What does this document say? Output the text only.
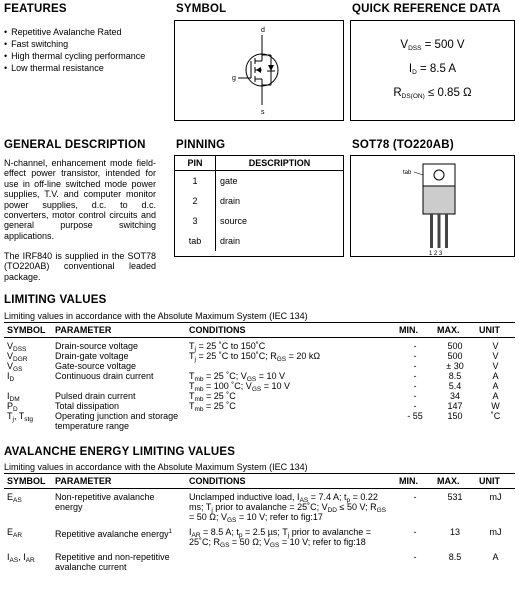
FEATURES
• Repetitive Avalanche Rated
• Fast switching
• High thermal cycling performance
• Low thermal resistance
SYMBOL
d
g
s
QUICK REFERENCE DATA
$V_{DSS} = 500$ V
$I_D = 8.5$ A
$R_{DS(ON)} \le 0.85$ Ω
GENERAL DESCRIPTION
N-channel, enhancement mode field-effect power transistor, intended for use in off-line switched mode power supplies, T.V. and computer monitor power supplies, d.c. to d.c. converters, motor control circuits and general purpose switching applications.
The IRF840 is supplied in the SOT78 (TO220AB) conventional leaded package.
PINNING
PIN	DESCRIPTION
1	gate
2	drain
3	source
tab	drain
SOT78 (TO220AB)
tab
1 2 3
LIMITING VALUES
Limiting values in accordance with the Absolute Maximum System (IEC 134)
SYMBOL	PARAMETER	CONDITIONS	MIN.	MAX.	UNIT
$V_{DSS}$	Drain-source voltage	$T_j = 25$ ˚C to 150˚C	-	500	V
$V_{DGR}$	Drain-gate voltage	$T_j = 25$ ˚C to 150˚C; $R_{GS} = 20$ kΩ	-	500	V
$V_{GS}$	Gate-source voltage		-	± 30	V
$I_D$	Continuous drain current	$T_{mb} = 25$ ˚C; $V_{GS} = 10$ V	-	8.5	A
		$T_{mb} = 100$ ˚C; $V_{GS} = 10$ V	-	5.4	A
$I_{DM}$	Pulsed drain current	$T_{mb} = 25$ ˚C	-	34	A
$P_D$	Total dissipation	$T_{mb} = 25$ ˚C	-	147	W
$T_j$, $T_{stg}$	Operating junction and storage temperature range		- 55	150	˚C
AVALANCHE ENERGY LIMITING VALUES
Limiting values in accordance with the Absolute Maximum System (IEC 134)
SYMBOL	PARAMETER	CONDITIONS	MIN.	MAX.	UNIT
$E_{AS}$	Non-repetitive avalanche energy	Unclamped inductive load, $I_{AS} = 7.4$ A; $t_p = 0.22$ ms; $T_j$ prior to avalanche = 25˚C; $V_{DD} \le 50$ V; $R_{GS} = 50$ Ω; $V_{GS} = 10$ V; refer to fig:17	-	531	mJ
$E_{AR}$	Repetitive avalanche energy$^1$	$I_{AR} = 8.5$ A; $t_p = 2.5$ µs; $T_j$ prior to avalanche = 25˚C; $R_{GS} = 50$ Ω; $V_{GS} = 10$ V; refer to fig:18	-	13	mJ
$I_{AS}$, $I_{AR}$	Repetitive and non-repetitive avalanche current		-	8.5	A
